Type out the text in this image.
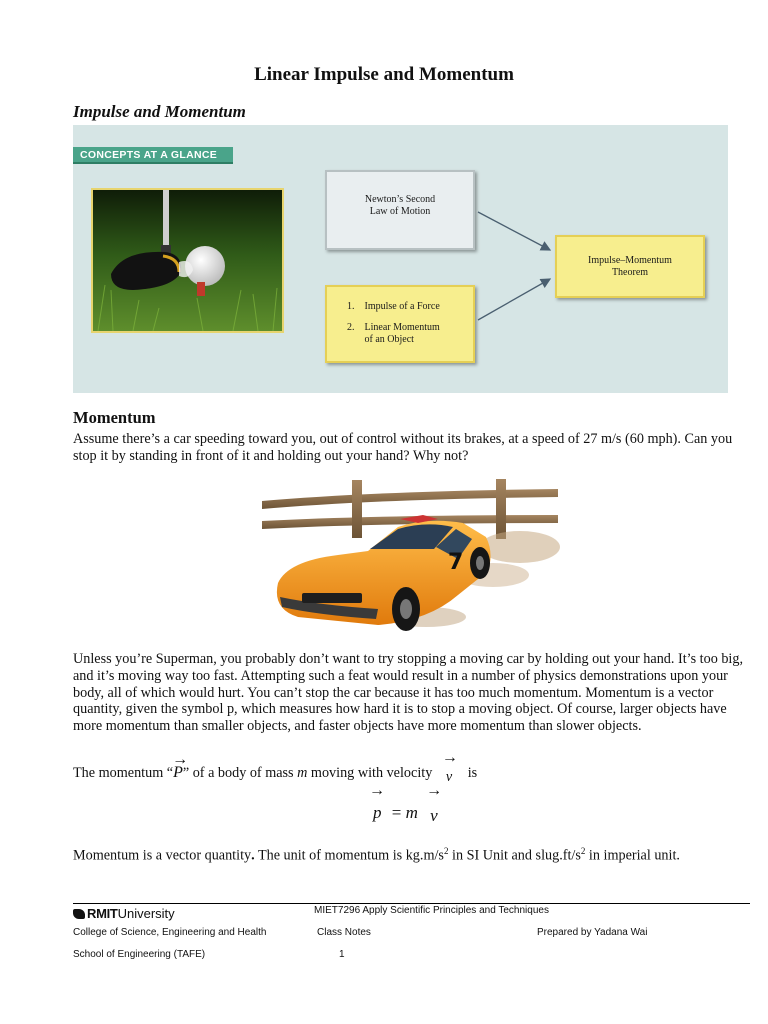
Linear Impulse and Momentum
Impulse and Momentum
CONCEPTS AT A GLANCE
Newton’s Second
Law of Motion
1. Impulse of a Force
2. Linear Momentum
of an Object
Impulse–Momentum
Theorem
Momentum
Assume there’s a car speeding toward you, out of control without its brakes, at a speed of 27 m/s (60 mph). Can you stop it by standing in front of it and holding out your hand? Why not?
7
Unless you’re Superman, you probably don’t want to try stopping a moving car by holding out your hand. It’s too big, and it’s moving way too fast. Attempting such a feat would result in a number of physics demonstrations upon your body, all of which would hurt. You can’t stop the car because it has too much momentum. Momentum is a vector quantity, given the symbol p, which measures how hard it is to stop a moving object. Of course, larger objects have more momentum than smaller objects, and faster objects have more momentum than slower objects.
The momentum “
→
P” of a body of mass m moving with velocity
→
v is
→
p = m
→
v
Momentum is a vector quantity. The unit of momentum is $kg.m/s^2$ in SI Unit and $slug.ft/s^2$ in imperial unit.
RMITUniversity	MIET7296 Apply Scientific Principles and Techniques
College of Science, Engineering and Health	Class Notes	Prepared by Yadana Wai
School of Engineering (TAFE)	1
